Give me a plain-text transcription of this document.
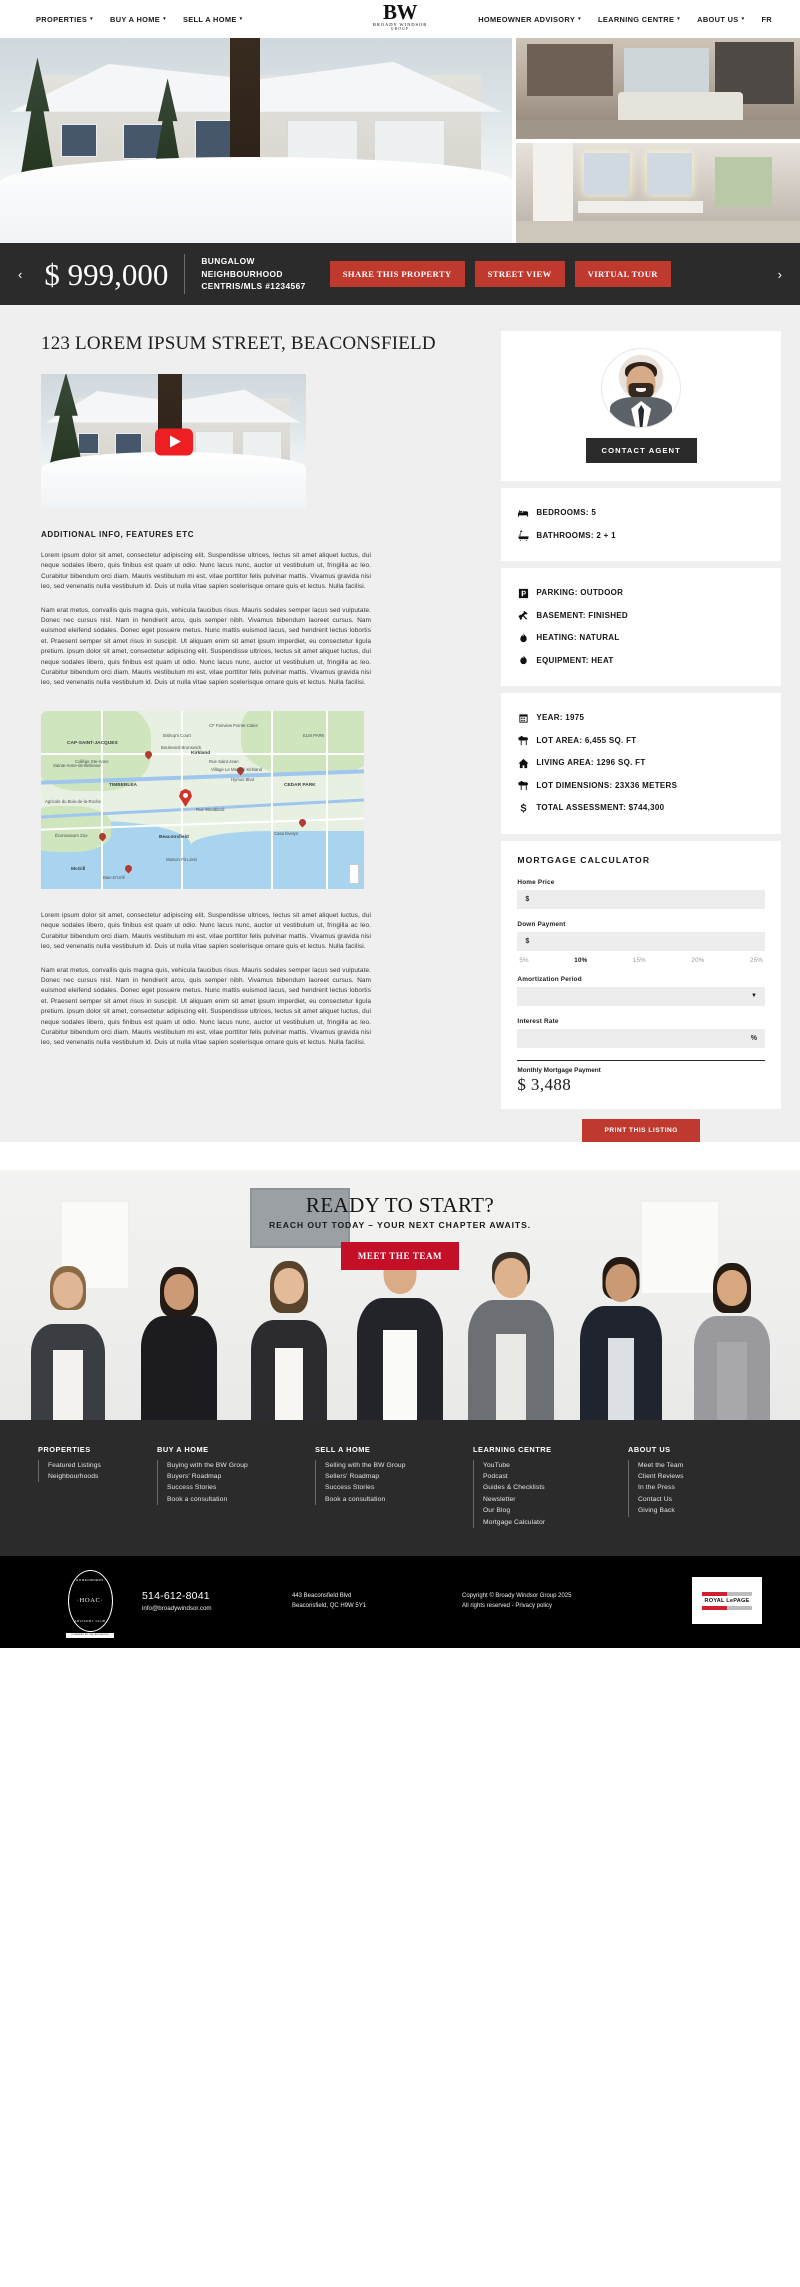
PROPERTIES ▾ BUY A HOME ▾ SELL A HOME ▾	BW
BROADY WINDSOR
GROUP
HOMEOWNER ADVISORY ▾ LEARNING CENTRE ▾ ABOUT US ▾ FR
‹ $ 999,000	BUNGALOW
NEIGHBOURHOOD
CENTRIS/MLS #1234567
SHARE THIS PROPERTY	STREET VIEW	VIRTUAL TOUR	›
123 LOREM IPSUM STREET, BEACONSFIELD
ADDITIONAL INFO, FEATURES ETC

Lorem ipsum dolor sit amet, consectetur adipiscing elit. Suspendisse ultrices, lectus sit amet aliquet luctus, dui neque sodales libero, quis finibus est quam ut odio. Nunc lacus nunc, auctor ut vestibulum ut, fringilla ac leo. Curabitur bibendum orci diam. Mauris vestibulum mi est, vitae porttitor felis pulvinar mattis. Vivamus gravida nisi leo, sed venenatis nulla vestibulum id. Duis ut nulla vitae sapien scelerisque ornare quis et lectus. Nulla facilisi.

Nam erat metus, convallis quis magna quis, vehicula faucibus risus. Mauris sodales semper lacus sed vulputate. Donec nec cursus nisl. Nam in hendrerit arcu, quis semper nibh. Vivamus bibendum laoreet cursus. Nam euismod eleifend sodales. Donec eget posuere metus. Nunc mattis euismod lacus, sed hendrerit lectus lobortis et. Praesent semper sit amet risus in suscipit. Ut aliquam enim sit amet ipsum imperdiet, eu consectetur ligula pretium. ipsum dolor sit amet, consectetur adipiscing elit. Suspendisse ultrices, lectus sit amet aliquet luctus, dui neque sodales libero, quis finibus est quam ut odio. Nunc lacus nunc, auctor ut vestibulum ut, fringilla ac leo. Curabitur bibendum orci diam. Mauris vestibulum mi est, vitae porttitor felis pulvinar mattis. Vivamus gravida nisi leo, sed venenatis nulla vestibulum id. Duis ut nulla vitae sapien scelerisque ornare quis et lectus. Nulla facilisi.

CAP-SAINT-JACQUES
Kirkland
CF Fairview Pointe-Claire
ELM PARK
Bishop's Court
Boulevard Brunswick
Collège Ste-Anne	Rue Saint-Jean
Village Le Marché Kirkland
Hymus Blvd
TIMBERLEA	CEDAR PARK
Sainte-Anne-de-Bellevue
Beaconsfield
Rue Woodland
Casa Évelyn
Écomuseum Zoo
Maison Pit Lévis
McGill
Baie-D'Urfé
Agricole du Bois-de-la-Roche

Lorem ipsum dolor sit amet, consectetur adipiscing elit. Suspendisse ultrices, lectus sit amet aliquet luctus, dui neque sodales libero, quis finibus est quam ut odio. Nunc lacus nunc, auctor ut vestibulum ut, fringilla ac leo. Curabitur bibendum orci diam. Mauris vestibulum mi est, vitae porttitor felis pulvinar mattis. Vivamus gravida nisi leo, sed venenatis nulla vestibulum id. Duis ut nulla vitae sapien scelerisque ornare quis et lectus. Nulla facilisi.

Nam erat metus, convallis quis magna quis, vehicula faucibus risus. Mauris sodales semper lacus sed vulputate. Donec nec cursus nisl. Nam in hendrerit arcu, quis semper nibh. Vivamus bibendum laoreet cursus. Nam euismod eleifend sodales. Donec eget posuere metus. Nunc mattis euismod lacus, sed hendrerit lectus lobortis et. Praesent semper sit amet risus in suscipit. Ut aliquam enim sit amet ipsum imperdiet, eu consectetur ligula pretium. ipsum dolor sit amet, consectetur adipiscing elit. Suspendisse ultrices, lectus sit amet aliquet luctus, dui neque sodales libero, quis finibus est quam ut odio. Nunc lacus nunc, auctor ut vestibulum ut, fringilla ac leo. Curabitur bibendum orci diam. Mauris vestibulum mi est, vitae porttitor felis pulvinar mattis. Vivamus gravida nisi leo, sed venenatis nulla vestibulum id. Duis ut nulla vitae sapien scelerisque ornare quis et lectus. Nulla facilisi.

CONTACT AGENT
BEDROOMS: 5
BATHROOMS: 2 + 1
PARKING: OUTDOOR
BASEMENT: FINISHED
HEATING: NATURAL
EQUIPMENT: HEAT
YEAR: 1975
LOT AREA: 6,455 SQ. FT
LIVING AREA: 1296 SQ. FT
LOT DIMENSIONS: 23X36 METERS
TOTAL ASSESSMENT: $744,300
MORTGAGE CALCULATOR
Home Price
$
Down Payment
$
5%	10%	15%	20%	25%
Amortization Period
▼
Interest Rate
%
Monthly Mortgage Payment
$ 3,488
PRINT THIS LISTING
READY TO START?
REACH OUT TODAY – YOUR NEXT CHAPTER AWAITS.
MEET THE TEAM
PROPERTIES
Featured Listings
Neighbourhoods
BUY A HOME
Buying with the BW Group
Buyers' Roadmap
Success Stories
Book a consultation
SELL A HOME
Selling with the BW Group
Sellers' Roadmap
Success Stories
Book a consultation
LEARNING CENTRE
YouTube
Podcast
Guides & Checklists
Newsletter
Our Blog
Mortgage Calculator
ABOUT US
Meet the Team
Client Reviews
In the Press
Contact Us
Giving Back
HOMEOWNERS
·HOAC·
ADVISORY CLUB
POWERED BY THE BW GROUP
514-612-8041
info@broadywindsor.com
443 Beaconsfield Blvd
Beaconsfield, QC H9W 5Y1
Copyright © Broady Windsor Group 2025
All rights reserved - Privacy policy
ROYAL LePAGE
